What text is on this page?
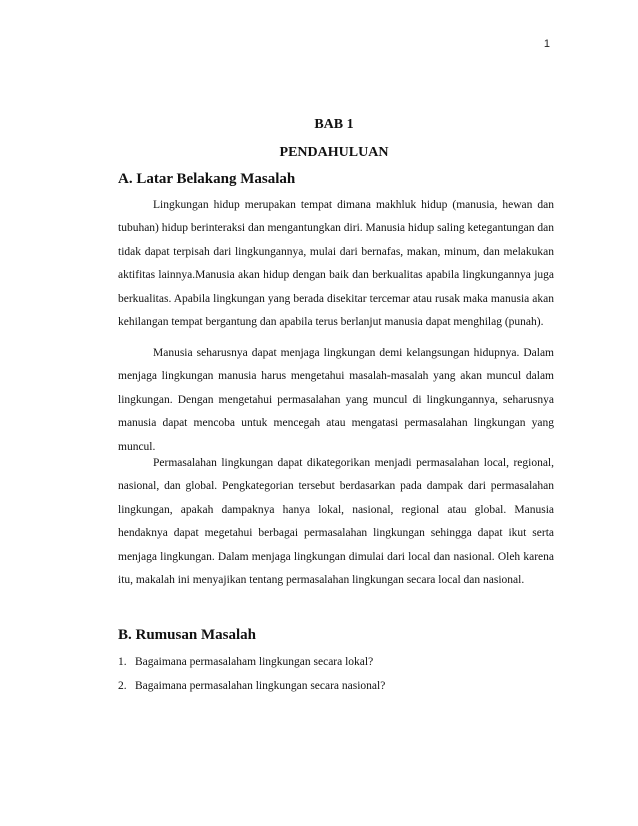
1
BAB 1
PENDAHULUAN
A. Latar Belakang Masalah

Lingkungan hidup merupakan tempat dimana makhluk hidup (manusia, hewan dan tubuhan) hidup berinteraksi dan mengantungkan diri. Manusia hidup saling ketegantungan dan tidak dapat terpisah dari lingkungannya, mulai dari bernafas, makan, minum, dan melakukan aktifitas lainnya.Manusia akan hidup dengan baik dan berkualitas apabila lingkungannya juga berkualitas. Apabila lingkungan yang berada disekitar tercemar atau rusak maka manusia akan kehilangan tempat bergantung dan apabila terus berlanjut manusia dapat menghilag (punah).

Manusia seharusnya dapat menjaga lingkungan demi kelangsungan hidupnya. Dalam menjaga lingkungan manusia harus mengetahui masalah-masalah yang akan muncul dalam lingkungan. Dengan mengetahui permasalahan yang muncul di lingkungannya, seharusnya manusia dapat mencoba untuk mencegah atau mengatasi permasalahan lingkungan yang muncul.

Permasalahan lingkungan dapat dikategorikan menjadi permasalahan local, regional, nasional, dan global. Pengkategorian tersebut berdasarkan pada dampak dari permasalahan lingkungan, apakah dampaknya hanya lokal, nasional, regional atau global. Manusia hendaknya dapat megetahui berbagai permasalahan lingkungan sehingga dapat ikut serta menjaga lingkungan. Dalam menjaga lingkungan dimulai dari local dan nasional. Oleh karena itu, makalah ini menyajikan tentang permasalahan lingkungan secara local dan nasional.

B. Rumusan Masalah
1. Bagaimana permasalaham lingkungan secara lokal?
2. Bagaimana permasalahan lingkungan secara nasional?
